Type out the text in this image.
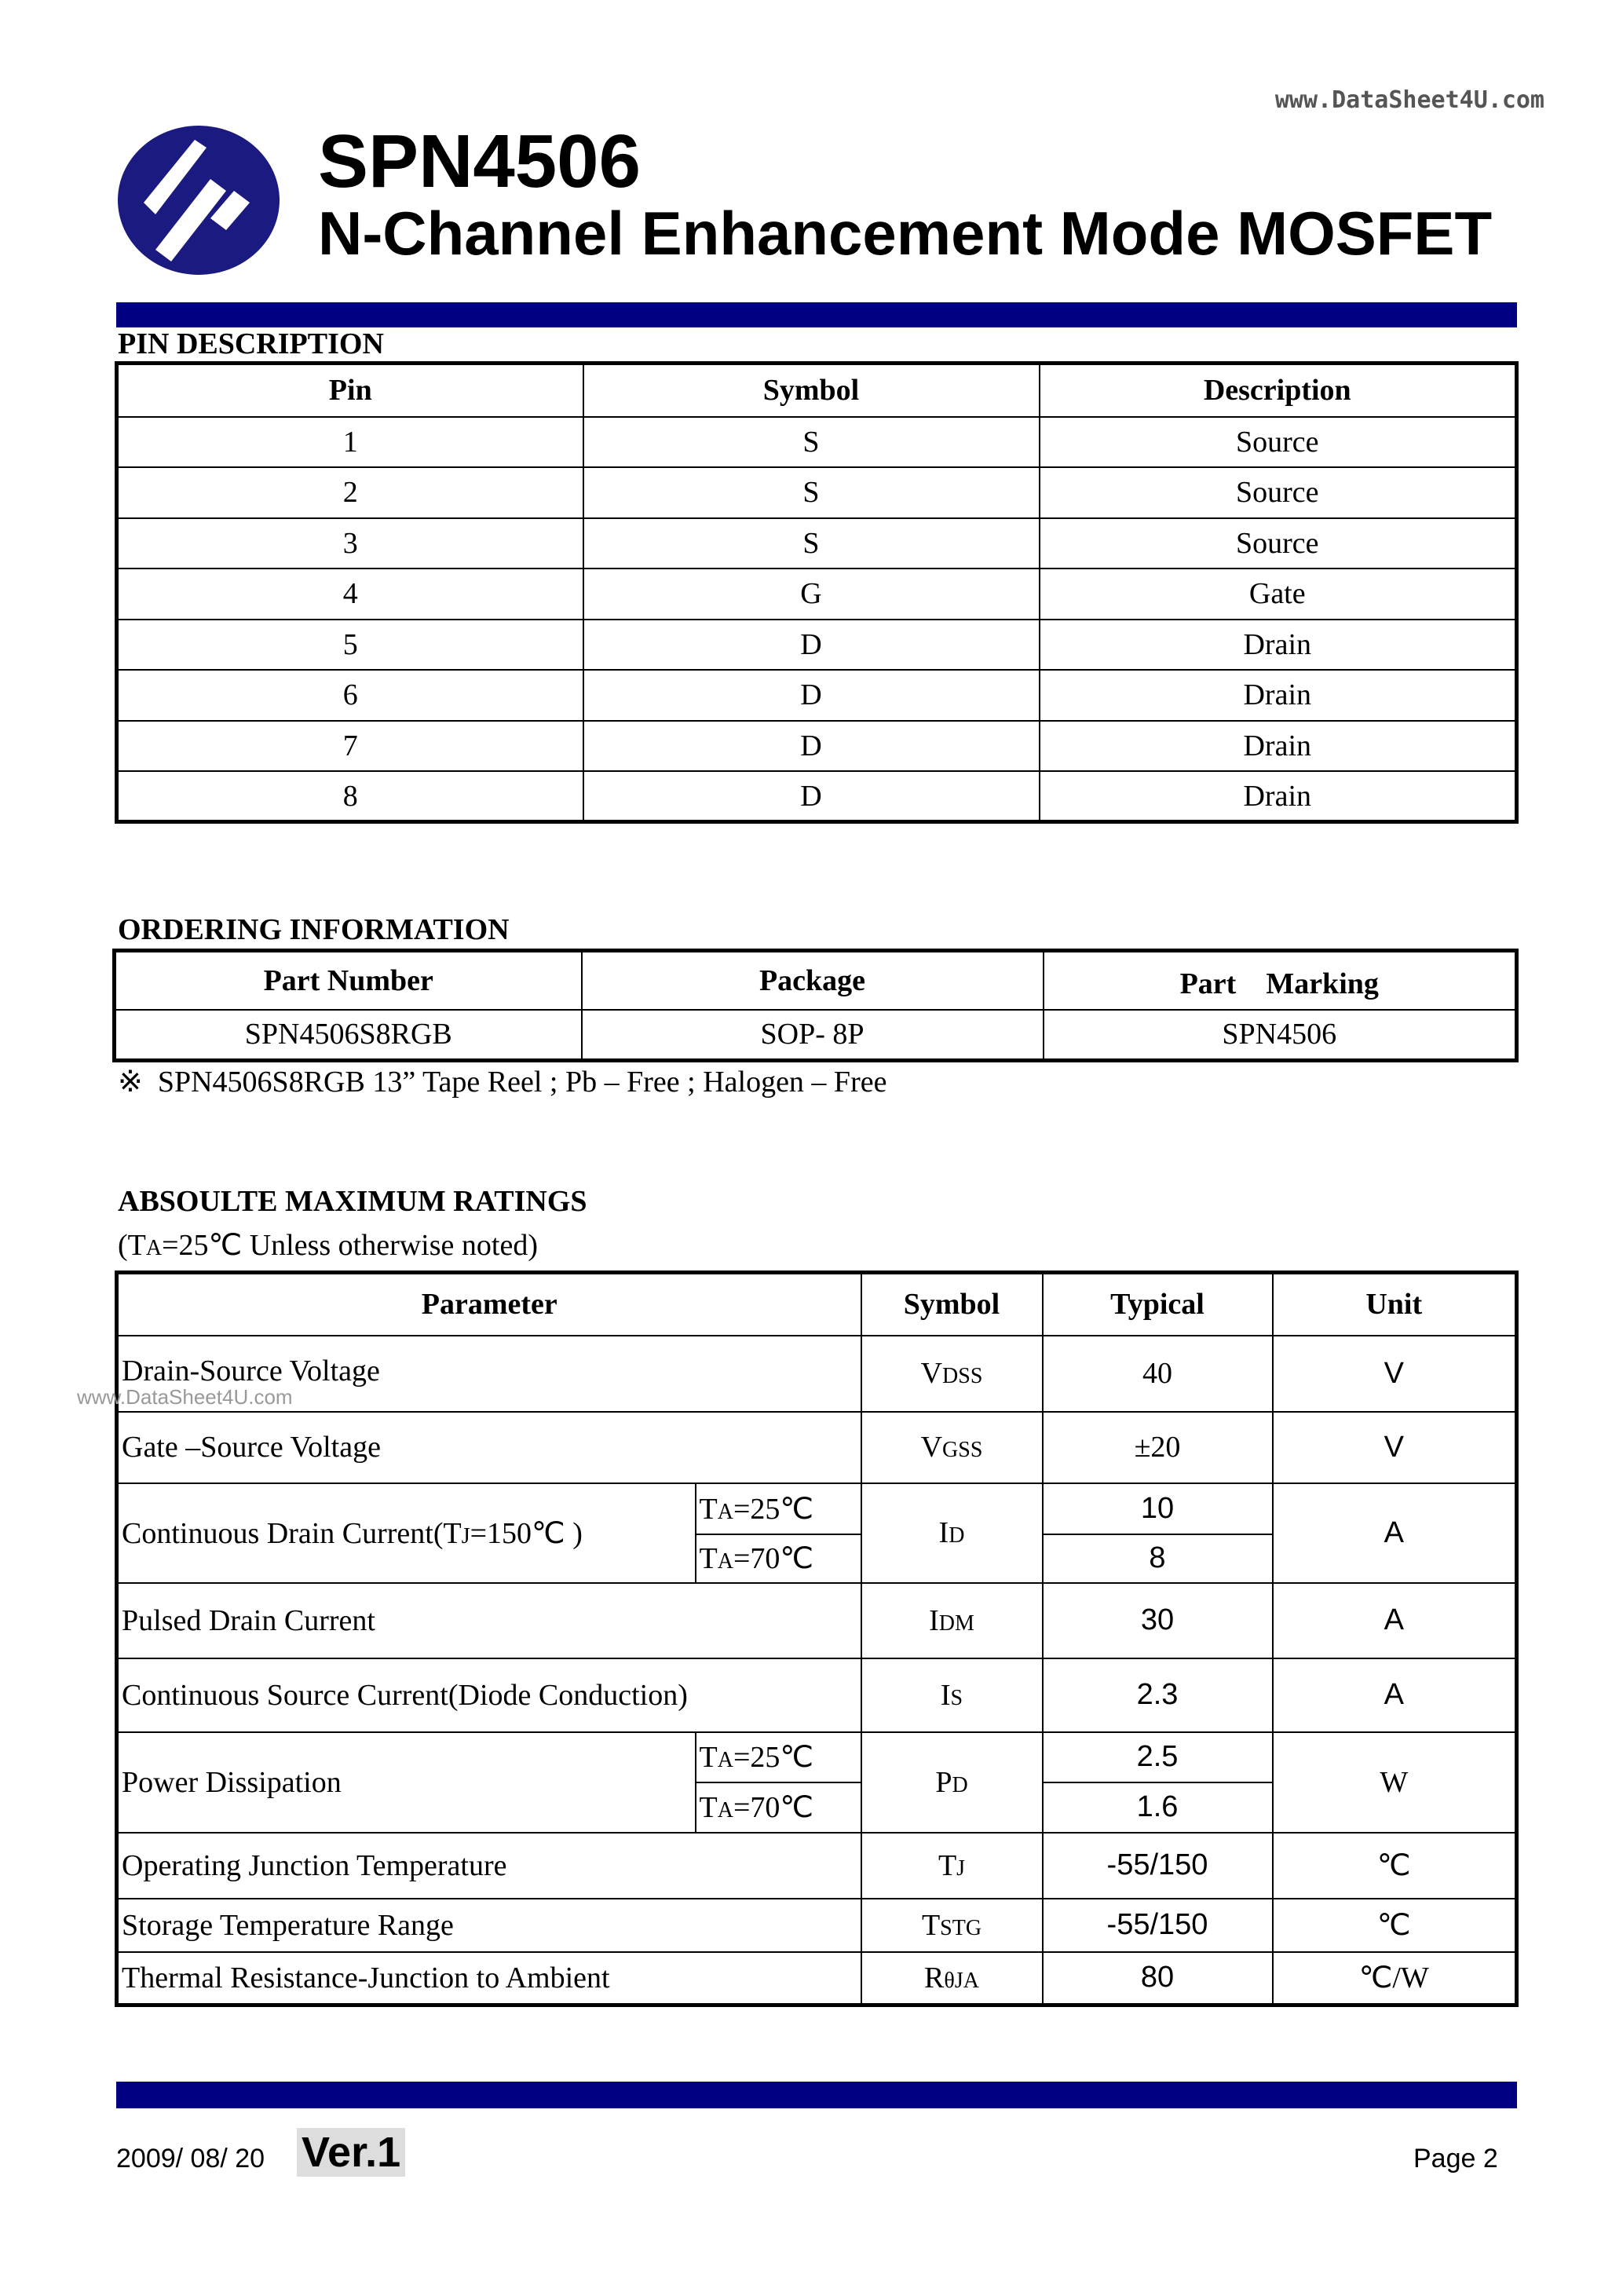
www.DataSheet4U.com
SPN4506
N-Channel Enhancement Mode MOSFET
PIN DESCRIPTION
Pin	Symbol	Description
1	S	Source
2	S	Source
3	S	Source
4	G	Gate
5	D	Drain
6	D	Drain
7	D	Drain
8	D	Drain
ORDERING INFORMATION
Part Number	Package	Part　Marking
SPN4506S8RGB	SOP- 8P	SPN4506
※ SPN4506S8RGB 13” Tape Reel ; Pb – Free ; Halogen – Free
ABSOULTE MAXIMUM RATINGS
(TA=25℃ Unless otherwise noted)
Parameter		Symbol	Typical	Unit
Drain-Source Voltage		VDSS	40	V
Gate –Source Voltage		VGSS	±20	V
Continuous Drain Current(TJ=150℃ )	TA=25℃	ID	10	A
	TA=70℃		8	
Pulsed Drain Current		IDM	30	A
Continuous Source Current(Diode Conduction)		IS	2.3	A
Power Dissipation	TA=25℃	PD	2.5	W
	TA=70℃		1.6	
Operating Junction Temperature		TJ	-55/150	℃
Storage Temperature Range		TSTG	-55/150	℃
Thermal Resistance-Junction to Ambient		RθJA	80	℃/W
www.DataSheet4U.com
2009/ 08/ 20 Ver.1	Page 2
